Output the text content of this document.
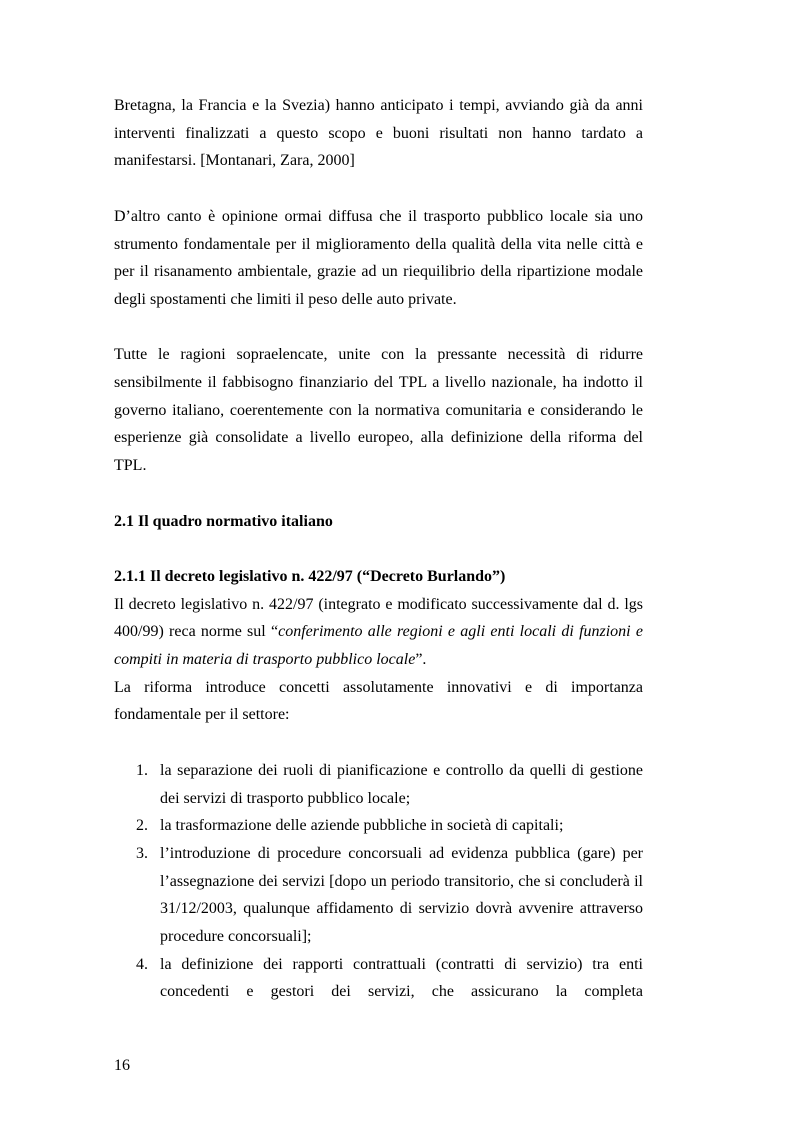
Bretagna, la Francia e la Svezia) hanno anticipato i tempi, avviando già da anni interventi finalizzati a questo scopo e buoni risultati non hanno tardato a manifestarsi. [Montanari, Zara, 2000]

D’altro canto è opinione ormai diffusa che il trasporto pubblico locale sia uno strumento fondamentale per il miglioramento della qualità della vita nelle città e per il risanamento ambientale, grazie ad un riequilibrio della ripartizione modale degli spostamenti che limiti il peso delle auto private.

Tutte le ragioni sopraelencate, unite con la pressante necessità di ridurre sensibilmente il fabbisogno finanziario del TPL a livello nazionale, ha indotto il governo italiano, coerentemente con la normativa comunitaria e considerando le esperienze già consolidate a livello europeo, alla definizione della riforma del TPL.

2.1 Il quadro normativo italiano
2.1.1 Il decreto legislativo n. 422/97 (“Decreto Burlando”)

Il decreto legislativo n. 422/97 (integrato e modificato successivamente dal d. lgs 400/99) reca norme sul “conferimento alle regioni e agli enti locali di funzioni e compiti in materia di trasporto pubblico locale”.

La riforma introduce concetti assolutamente innovativi e di importanza fondamentale per il settore:

1. la separazione dei ruoli di pianificazione e controllo da quelli di gestione dei servizi di trasporto pubblico locale;
2. la trasformazione delle aziende pubbliche in società di capitali;
3. l’introduzione di procedure concorsuali ad evidenza pubblica (gare) per l’assegnazione dei servizi [dopo un periodo transitorio, che si concluderà il 31/12/2003, qualunque affidamento di servizio dovrà avvenire attraverso procedure concorsuali];
4. la definizione dei rapporti contrattuali (contratti di servizio) tra enti concedenti e gestori dei servizi, che assicurano la completa
16
